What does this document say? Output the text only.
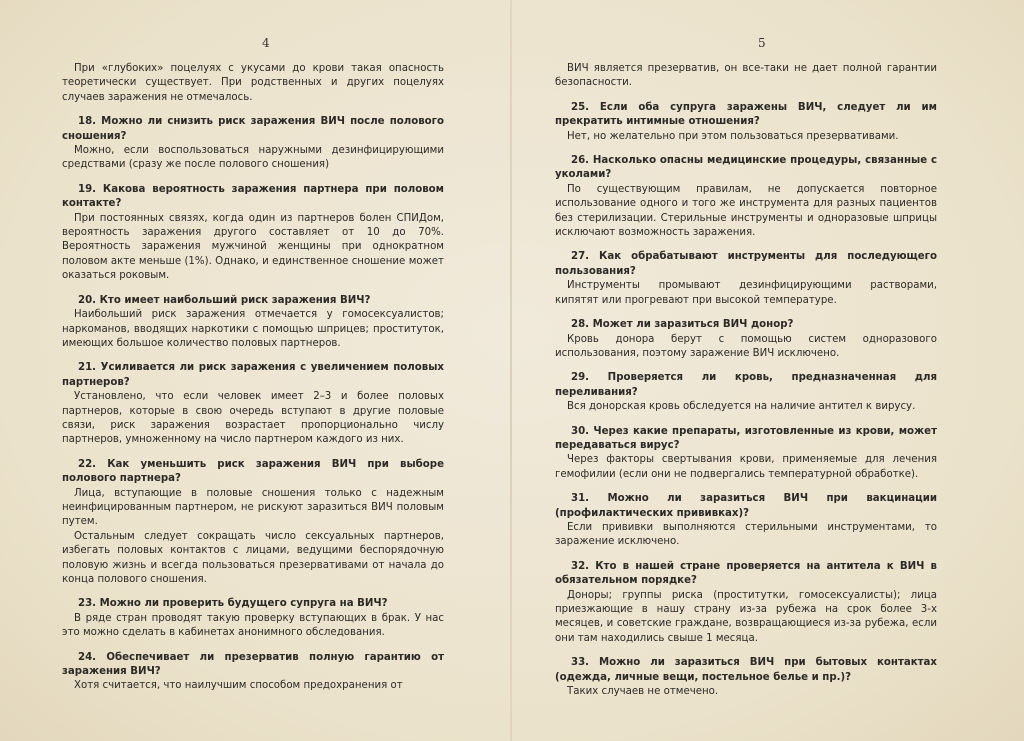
4	5

При «глубоких» поцелуях с укусами до крови такая опасность теоретически существует. При родственных и других поцелуях случаев заражения не отмечалось.

18. Можно ли снизить риск заражения ВИЧ после полового сношения?

Можно, если воспользоваться наружными дезинфицирующими средствами (сразу же после полового сношения)

19. Какова вероятность заражения партнера при половом контакте?

При постоянных связях, когда один из партнеров болен СПИДом, вероятность заражения другого составляет от 10 до 70%. Вероятность заражения мужчиной женщины при однократном половом акте меньше (1%). Однако, и единственное сношение может оказаться роковым.

20. Кто имеет наибольший риск заражения ВИЧ?

Наибольший риск заражения отмечается у гомосексуалистов; наркоманов, вводящих наркотики с помощью шприцев; проституток, имеющих большое количество половых партнеров.

21. Усиливается ли риск заражения с увеличением половых партнеров?

Установлено, что если человек имеет 2–3 и более половых партнеров, которые в свою очередь вступают в другие половые связи, риск заражения возрастает пропорционально числу партнеров, умноженному на число партнером каждого из них.

22. Как уменьшить риск заражения ВИЧ при выборе полового партнера?

Лица, вступающие в половые сношения только с надежным неинфицированным партнером, не рискуют заразиться ВИЧ половым путем.

Остальным следует сокращать число сексуальных партнеров, избегать половых контактов с лицами, ведущими беспорядочную половую жизнь и всегда пользоваться презервативами от начала до конца полового сношения.

23. Можно ли проверить будущего супруга на ВИЧ?

В ряде стран проводят такую проверку вступающих в брак. У нас это можно сделать в кабинетах анонимного обследования.

24. Обеспечивает ли презерватив полную гарантию от заражения ВИЧ?

Хотя считается, что наилучшим способом предохранения от

ВИЧ является презерватив, он все-таки не дает полной гарантии безопасности.

25. Если оба супруга заражены ВИЧ, следует ли им прекратить интимные отношения?

Нет, но желательно при этом пользоваться презервативами.

26. Насколько опасны медицинские процедуры, связанные с уколами?

По существующим правилам, не допускается повторное использование одного и того же инструмента для разных пациентов без стерилизации. Стерильные инструменты и одноразовые шприцы исключают возможность заражения.

27. Как обрабатывают инструменты для последующего пользования?

Инструменты промывают дезинфицирующими растворами, кипятят или прогревают при высокой температуре.

28. Может ли заразиться ВИЧ донор?

Кровь донора берут с помощью систем одноразового использования, поэтому заражение ВИЧ исключено.

29. Проверяется ли кровь, предназначенная для переливания?

Вся донорская кровь обследуется на наличие антител к вирусу.

30. Через какие препараты, изготовленные из крови, может передаваться вирус?

Через факторы свертывания крови, применяемые для лечения гемофилии (если они не подвергались температурной обработке).

31. Можно ли заразиться ВИЧ при вакцинации (профилактических прививках)?

Если прививки выполняются стерильными инструментами, то заражение исключено.

32. Кто в нашей стране проверяется на антитела к ВИЧ в обязательном порядке?

Доноры; группы риска (проститутки, гомосексуалисты); лица приезжающие в нашу страну из-за рубежа на срок более 3-х месяцев, и советские граждане, возвращающиеся из-за рубежа, если они там находились свыше 1 месяца.

33. Можно ли заразиться ВИЧ при бытовых контактах (одежда, личные вещи, постельное белье и пр.)?

Таких случаев не отмечено.
